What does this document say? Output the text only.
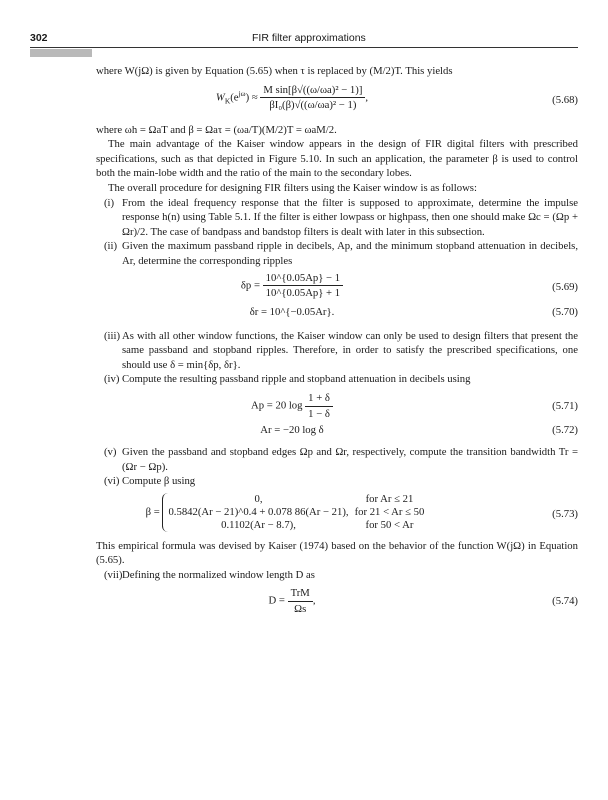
302	FIR filter approximations

where W(jΩ) is given by Equation (5.65) when τ is replaced by (M/2)T. This yields

$W_K(e^{j\omega}) \approx \frac{\text{M sin[β√((ω/ωa)² − 1)]}}{\text{βI₀(β)√((ω/ωa)² − 1)}}$ ,	(5.68)

where ωh = ΩaT and β = Ωaτ = (ωa/T)(M/2)T = ωaM/2.

The main advantage of the Kaiser window appears in the design of FIR digital filters with prescribed specifications, such as that depicted in Figure 5.10. In such an application, the parameter β is used to control both the main-lobe width and the ratio of the main to the secondary lobes.

The overall procedure for designing FIR filters using the Kaiser window is as follows:

(i) From the ideal frequency response that the filter is supposed to approximate, determine the impulse response h(n) using Table 5.1. If the filter is either lowpass or highpass, then one should make Ωc = (Ωp + Ωr)/2. The case of bandpass and bandstop filters is dealt with later in this subsection.

(ii) Given the maximum passband ripple in decibels, Ap, and the minimum stopband attenuation in decibels, Ar, determine the corresponding ripples

$\delta p = \frac{10\^{}\{0.05Ap\} - 1}{10\^{}\{0.05Ap\} + 1}$	(5.69)
δr = 10^{−0.05Ar}.	(5.70)
(iii) As with all other window functions, the Kaiser window can only be used to design filters that present the same passband and stopband ripples. Therefore, in order to satisfy the prescribed specifications, one should use δ = min{δp, δr}.

(iv) Compute the resulting passband ripple and stopband attenuation in decibels using

Ap = 20 $\log \frac{1 + \delta}{1 - \delta}$	(5.71)
Ar = −20 log δ	(5.72)
(v) Given the passband and stopband edges Ωp and Ωr, respectively, compute the transition bandwidth Tr = (Ωr − Ωp).

(vi) Compute β using

β =
0,	for Ar ≤ 21
0.5842(Ar − 21)^0.4 + 0.078 86(Ar − 21),	for 21 < Ar ≤ 50
0.1102(Ar − 8.7),	for 50 < Ar
(5.73)

This empirical formula was devised by Kaiser (1974) based on the behavior of the function W(jΩ) in Equation (5.65).

(vii) Defining the normalized window length D as

$D = \frac{\text{TrM}}{\Omega s}$ ,	(5.74)
